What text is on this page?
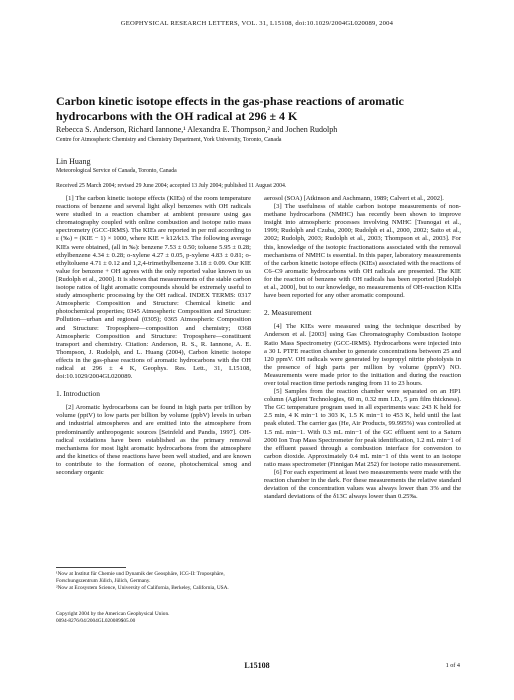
GEOPHYSICAL RESEARCH LETTERS, VOL. 31, L15108, doi:10.1029/2004GL020089, 2004
Carbon kinetic isotope effects in the gas-phase reactions of aromatic hydrocarbons with the OH radical at 296 ± 4 K
Rebecca S. Anderson, Richard Iannone,¹ Alexandra E. Thompson,² and Jochen Rudolph
Centre for Atmospheric Chemistry and Chemistry Department, York University, Toronto, Canada
Lin Huang
Meteorological Service of Canada, Toronto, Canada
Received 25 March 2004; revised 29 June 2004; accepted 13 July 2004; published 11 August 2004.

[1] The carbon kinetic isotope effects (KIEs) of the room temperature reactions of benzene and several light alkyl benzenes with OH radicals were studied in a reaction chamber at ambient pressure using gas chromatography coupled with online combustion and isotope ratio mass spectrometry (GCC-IRMS). The KIEs are reported in per mil according to ε (‰) = (KIE − 1) × 1000, where KIE = k12/k13. The following average KIEs were obtained, (all in ‰): benzene 7.53 ± 0.50; toluene 5.95 ± 0.28; ethylbenzene 4.34 ± 0.28; o-xylene 4.27 ± 0.05, p-xylene 4.83 ± 0.81; o-ethyltoluene 4.71 ± 0.12 and 1,2,4-trimethylbenzene 3.18 ± 0.09. Our KIE value for benzene + OH agrees with the only reported value known to us [Rudolph et al., 2000]. It is shown that measurements of the stable carbon isotope ratios of light aromatic compounds should be extremely useful to study atmospheric processing by the OH radical. INDEX TERMS: 0317 Atmospheric Composition and Structure: Chemical kinetic and photochemical properties; 0345 Atmospheric Composition and Structure: Pollution—urban and regional (0305); 0365 Atmospheric Composition and Structure: Troposphere—composition and chemistry; 0368 Atmospheric Composition and Structure: Troposphere—constituent transport and chemistry. Citation: Anderson, R. S., R. Iannone, A. E. Thompson, J. Rudolph, and L. Huang (2004), Carbon kinetic isotope effects in the gas-phase reactions of aromatic hydrocarbons with the OH radical at 296 ± 4 K, Geophys. Res. Lett., 31, L15108, doi:10.1029/2004GL020089.

1. Introduction

[2] Aromatic hydrocarbons can be found in high parts per trillion by volume (pptV) to low parts per billion by volume (ppbV) levels in urban and industrial atmospheres and are emitted into the atmosphere from predominantly anthropogenic sources [Seinfeld and Pandis, 1997]. OH-radical oxidations have been established as the primary removal mechanisms for most light aromatic hydrocarbons from the atmosphere and the kinetics of these reactions have been well studied, and are known to contribute to the formation of ozone, photochemical smog and secondary organic

¹Now at Institut für Chemie und Dynamik der Geosphäre, ICG-II: Troposphäre, Forschungszentrum Jülich, Jülich, Germany.
²Now at Ecosystem Science, University of California, Berkeley, California, USA.
Copyright 2004 by the American Geophysical Union.
0094-8276/04/2004GL020089$05.00

aerosol (SOA) [Atkinson and Aschmann, 1989; Calvert et al., 2002].

[3] The usefulness of stable carbon isotope measurements of non-methane hydrocarbons (NMHC) has recently been shown to improve insight into atmospheric processes involving NMHC [Tsunogai et al., 1999; Rudolph and Czuba, 2000; Rudolph et al., 2000, 2002; Saito et al., 2002; Rudolph, 2003; Rudolph et al., 2003; Thompson et al., 2003]. For this, knowledge of the isotopic fractionations associated with the removal mechanisms of NMHC is essential. In this paper, laboratory measurements of the carbon kinetic isotope effects (KIEs) associated with the reactions of C6–C9 aromatic hydrocarbons with OH radicals are presented. The KIE for the reaction of benzene with OH radicals has been reported [Rudolph et al., 2000], but to our knowledge, no measurements of OH-reaction KIEs have been reported for any other aromatic compound.

2. Measurement

[4] The KIEs were measured using the technique described by Anderson et al. [2003] using Gas Chromatography Combustion Isotope Ratio Mass Spectrometry (GCC-IRMS). Hydrocarbons were injected into a 30 L PTFE reaction chamber to generate concentrations between 25 and 120 ppmV. OH radicals were generated by isopropyl nitrite photolysis in the presence of high parts per million by volume (ppmV) NO. Measurements were made prior to the initiation and during the reaction over total reaction time periods ranging from 11 to 23 hours.

[5] Samples from the reaction chamber were separated on an HP1 column (Agilent Technologies, 60 m, 0.32 mm I.D., 5 μm film thickness). The GC temperature program used in all experiments was: 243 K held for 2.5 min, 4 K min−1 to 303 K, 1.5 K min−1 to 453 K, held until the last peak eluted. The carrier gas (He, Air Products, 99.995%) was controlled at 1.5 mL min−1. With 0.3 mL min−1 of the GC effluent sent to a Saturn 2000 Ion Trap Mass Spectrometer for peak identification, 1.2 mL min−1 of the effluent passed through a combustion interface for conversion to carbon dioxide. Approximately 0.4 mL min−1 of this went to an isotope ratio mass spectrometer (Finnigan Mat 252) for isotope ratio measurement.

[6] For each experiment at least two measurements were made with the reaction chamber in the dark. For these measurements the relative standard deviation of the concentration values was always lower than 3% and the standard deviations of the δ13C always lower than 0.25‰.

L15108	1 of 4
